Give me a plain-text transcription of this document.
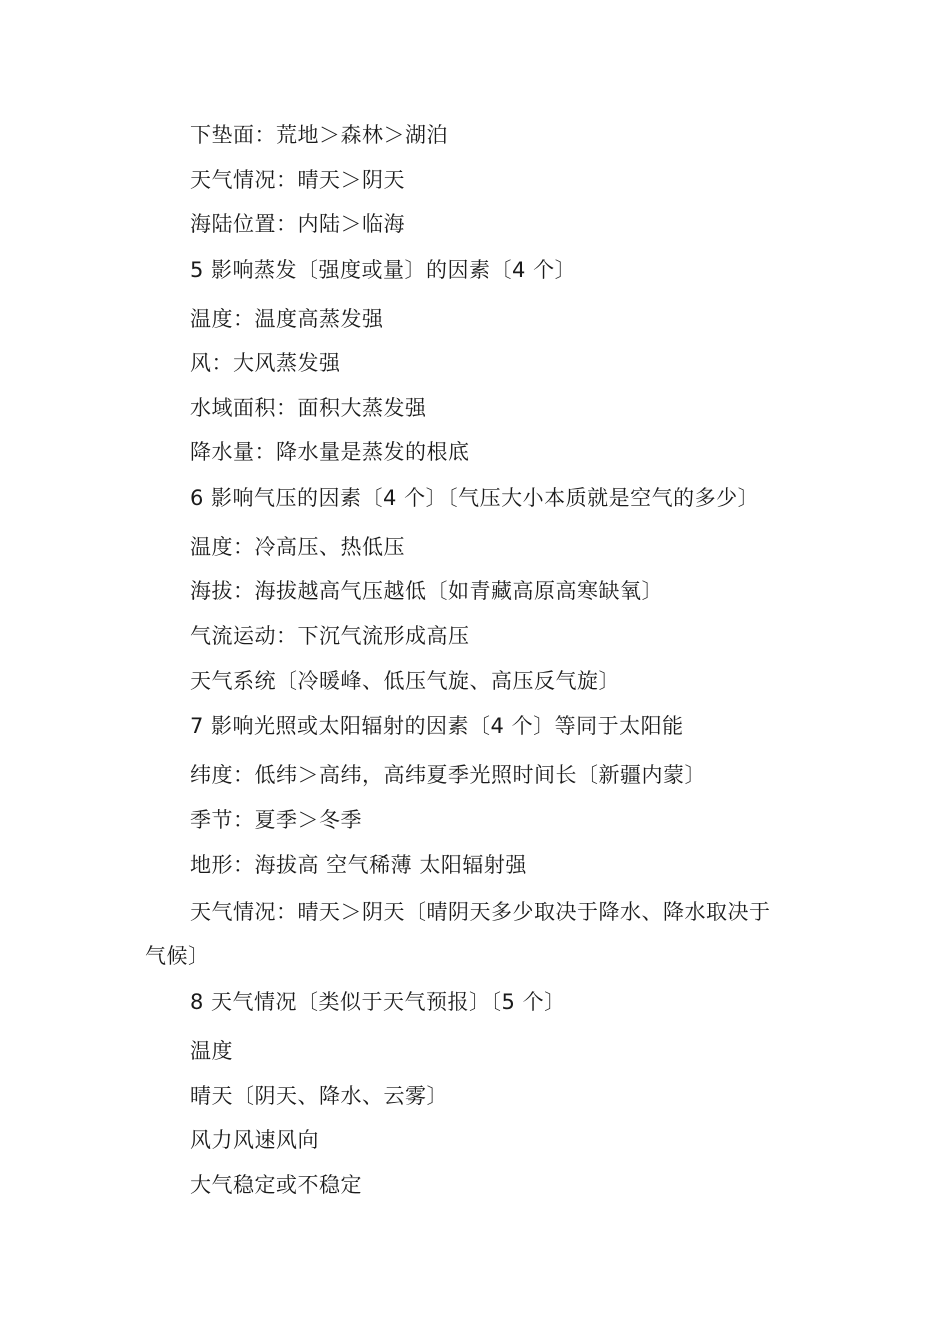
下垫面：荒地＞森林＞湖泊
天气情况：晴天＞阴天
海陆位置：内陆＞临海
5 影响蒸发〔强度或量〕的因素〔4 个〕
温度：温度高蒸发强
风：大风蒸发强
水域面积：面积大蒸发强
降水量：降水量是蒸发的根底
6 影响气压的因素〔4 个〕〔气压大小本质就是空气的多少〕
温度：冷高压、热低压
海拔：海拔越高气压越低〔如青藏高原高寒缺氧〕
气流运动：下沉气流形成高压
天气系统〔冷暖峰、低压气旋、高压反气旋〕
7 影响光照或太阳辐射的因素〔4 个〕等同于太阳能
纬度：低纬＞高纬，高纬夏季光照时间长〔新疆内蒙〕
季节：夏季＞冬季
地形：海拔高 空气稀薄 太阳辐射强
天气情况：晴天＞阴天〔晴阴天多少取决于降水、降水取决于
气候〕
8 天气情况〔类似于天气预报〕〔5 个〕
温度
晴天〔阴天、降水、云雾〕
风力风速风向
大气稳定或不稳定
